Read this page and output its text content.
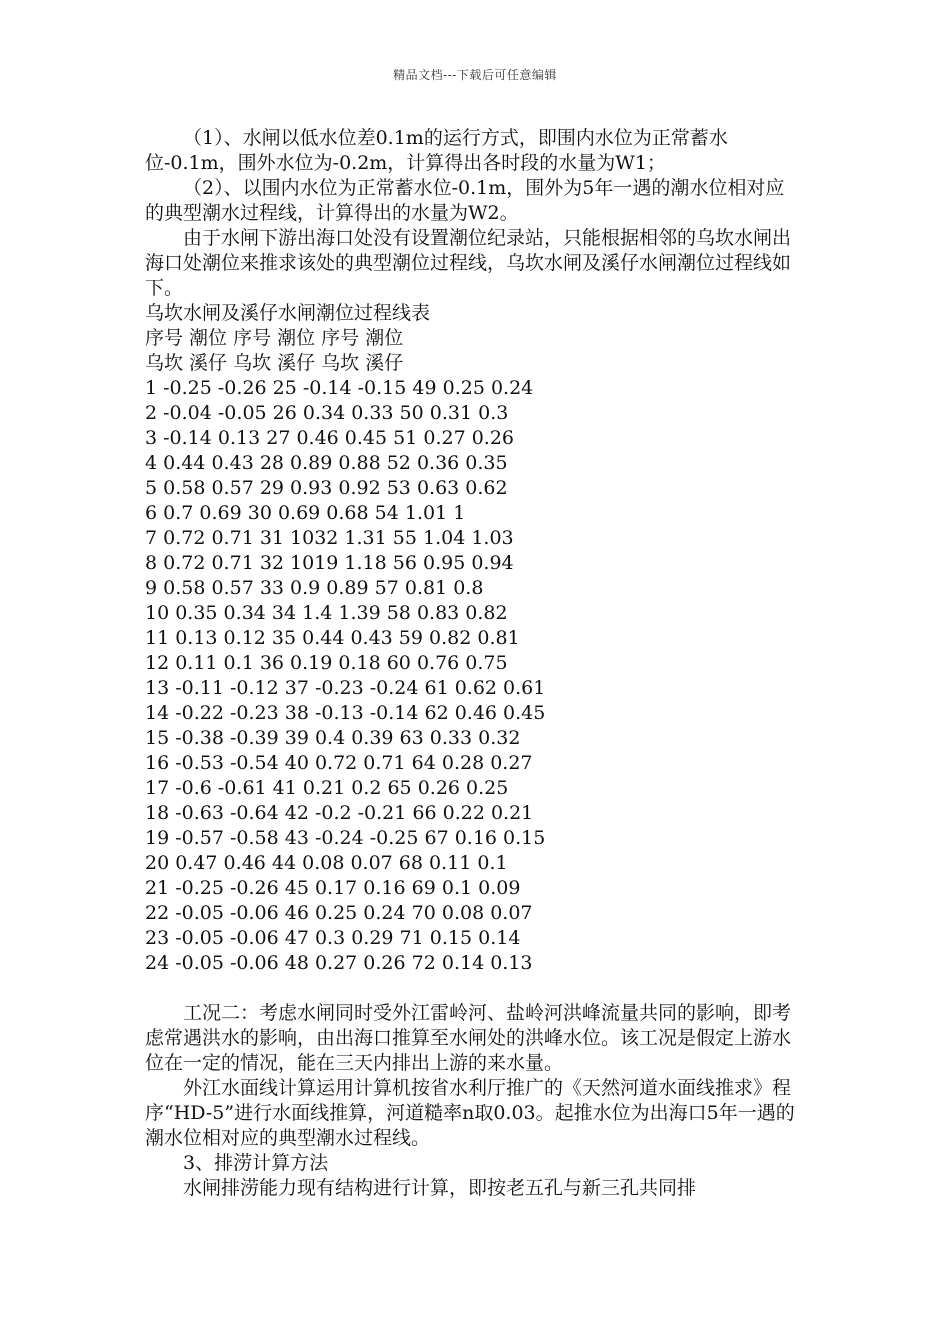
精品文档---下载后可任意编辑

（1）、水闸以低水位差0.1m的运行方式，即围内水位为正常蓄水位-0.1m，围外水位为-0.2m，计算得出各时段的水量为W1；

（2）、以围内水位为正常蓄水位-0.1m，围外为5年一遇的潮水位相对应的典型潮水过程线，计算得出的水量为W2。

由于水闸下游出海口处没有设置潮位纪录站，只能根据相邻的乌坎水闸出海口处潮位来推求该处的典型潮位过程线，乌坎水闸及溪仔水闸潮位过程线如下。

乌坎水闸及溪仔水闸潮位过程线表

序号 潮位 序号 潮位 序号 潮位

乌坎 溪仔 乌坎 溪仔 乌坎 溪仔

1 -0.25 -0.26 25 -0.14 -0.15 49 0.25 0.24

2 -0.04 -0.05 26 0.34 0.33 50 0.31 0.3

3 -0.14 0.13 27 0.46 0.45 51 0.27 0.26

4 0.44 0.43 28 0.89 0.88 52 0.36 0.35

5 0.58 0.57 29 0.93 0.92 53 0.63 0.62

6 0.7 0.69 30 0.69 0.68 54 1.01 1

7 0.72 0.71 31 1032 1.31 55 1.04 1.03

8 0.72 0.71 32 1019 1.18 56 0.95 0.94

9 0.58 0.57 33 0.9 0.89 57 0.81 0.8

10 0.35 0.34 34 1.4 1.39 58 0.83 0.82

11 0.13 0.12 35 0.44 0.43 59 0.82 0.81

12 0.11 0.1 36 0.19 0.18 60 0.76 0.75

13 -0.11 -0.12 37 -0.23 -0.24 61 0.62 0.61

14 -0.22 -0.23 38 -0.13 -0.14 62 0.46 0.45

15 -0.38 -0.39 39 0.4 0.39 63 0.33 0.32

16 -0.53 -0.54 40 0.72 0.71 64 0.28 0.27

17 -0.6 -0.61 41 0.21 0.2 65 0.26 0.25

18 -0.63 -0.64 42 -0.2 -0.21 66 0.22 0.21

19 -0.57 -0.58 43 -0.24 -0.25 67 0.16 0.15

20 0.47 0.46 44 0.08 0.07 68 0.11 0.1

21 -0.25 -0.26 45 0.17 0.16 69 0.1 0.09

22 -0.05 -0.06 46 0.25 0.24 70 0.08 0.07

23 -0.05 -0.06 47 0.3 0.29 71 0.15 0.14

24 -0.05 -0.06 48 0.27 0.26 72 0.14 0.13

工况二：考虑水闸同时受外江雷岭河、盐岭河洪峰流量共同的影响，即考虑常遇洪水的影响，由出海口推算至水闸处的洪峰水位。该工况是假定上游水位在一定的情况，能在三天内排出上游的来水量。

外江水面线计算运用计算机按省水利厅推广的《天然河道水面线推求》程序“HD-5”进行水面线推算，河道糙率n取0.03。起推水位为出海口5年一遇的潮水位相对应的典型潮水过程线。

3、排涝计算方法

水闸排涝能力现有结构进行计算，即按老五孔与新三孔共同排
